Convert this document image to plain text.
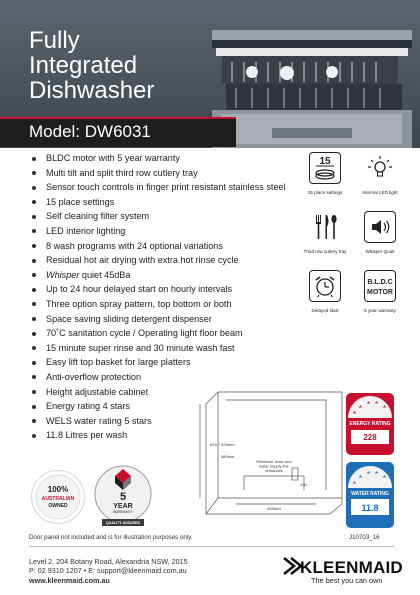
Fully
Integrated
Dishwasher
Model: DW6031
BLDC motor with 5 year warranty
Multi tilt and split third row cutlery tray
Sensor touch controls in finger print resistant stainless steel
15 place settings
Self cleaning filter system
LED interior lighting
8 wash programs with 24 optional variations
Residual hot air drying with extra hot rinse cycle
Whisper quiet 45dBa
Up to 24 hour delayed start on hourly intervals
Three option spray pattern, top bottom or both
Space saving sliding detergent dispenser
70˚C sanitation cycle / Operating light floor beam
15 minute super rinse and 30 minute wash fast
Easy lift top basket for large platters
Anti-overflow protection
Height adjustable cabinet
Energy rating 4 stars
WELS water rating 5 stars
11.8 Litres per wash
15
15 place settings	Internal LED light
Third row cutlery tray	Whisper Quiet
Delayed start
B.L.D.C
MOTOR
5 year warranty
815 ~ 875mm
580mm
Electrical, drain and
water supply line
entrances
100
600mm
ENERGY RATING
228
WATER RATING
11.8
100%
AUSTRALIAN
OWNED
5
YEAR
WARRANTY
QUALITY ASSURED
Door panel not included and is for illustration purposes only.	J10703_16
Level 2, 204 Botany Road, Alexandria NSW, 2015
P: 02 9310 1207 • E: support@kleenmaid.com.au
www.kleenmaid.com.au
KLEENMAID
The best you can own
